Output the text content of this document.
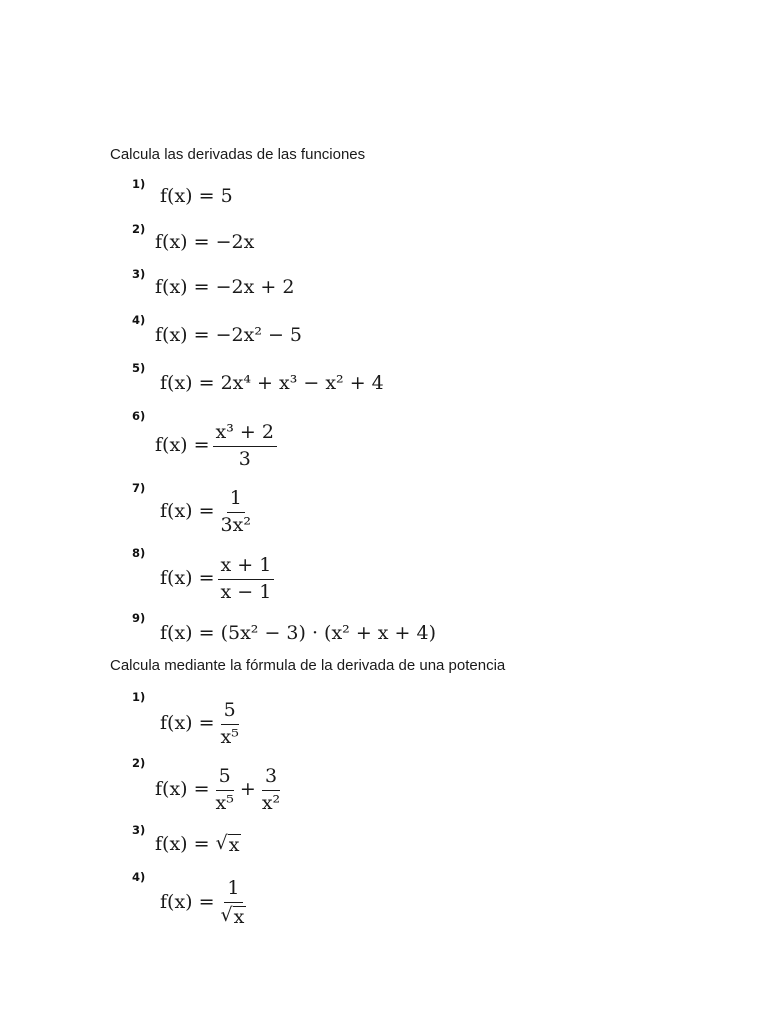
Calcula las derivadas de las funciones
1)
f(x) =
5
2)
f(x) =
−2x
3)
f(x) =
−2x + 2
4)
f(x) =
−2x² − 5
5)
f(x) =
2x⁴ + x³ − x² + 4
6)
$f(x) = \frac{\text{x³ + 2}}{3}$
7)
$f(x) = \frac{1}{\text{3x²}}$
8)
$f(x) = \frac{x + 1}{x - 1}$
9)
f(x) =
(5x² − 3) · (x² + x + 4)
Calcula mediante la fórmula de la derivada de una potencia
1)
$f(x) = \frac{5}{\text{x⁵}}$
2)
$f(x) = \frac{5}{\text{x⁵}} + \frac{3}{\text{x²}}$
3)
f(x) =
√ x
4)
$f(x) = \frac{1}{√ x}$
